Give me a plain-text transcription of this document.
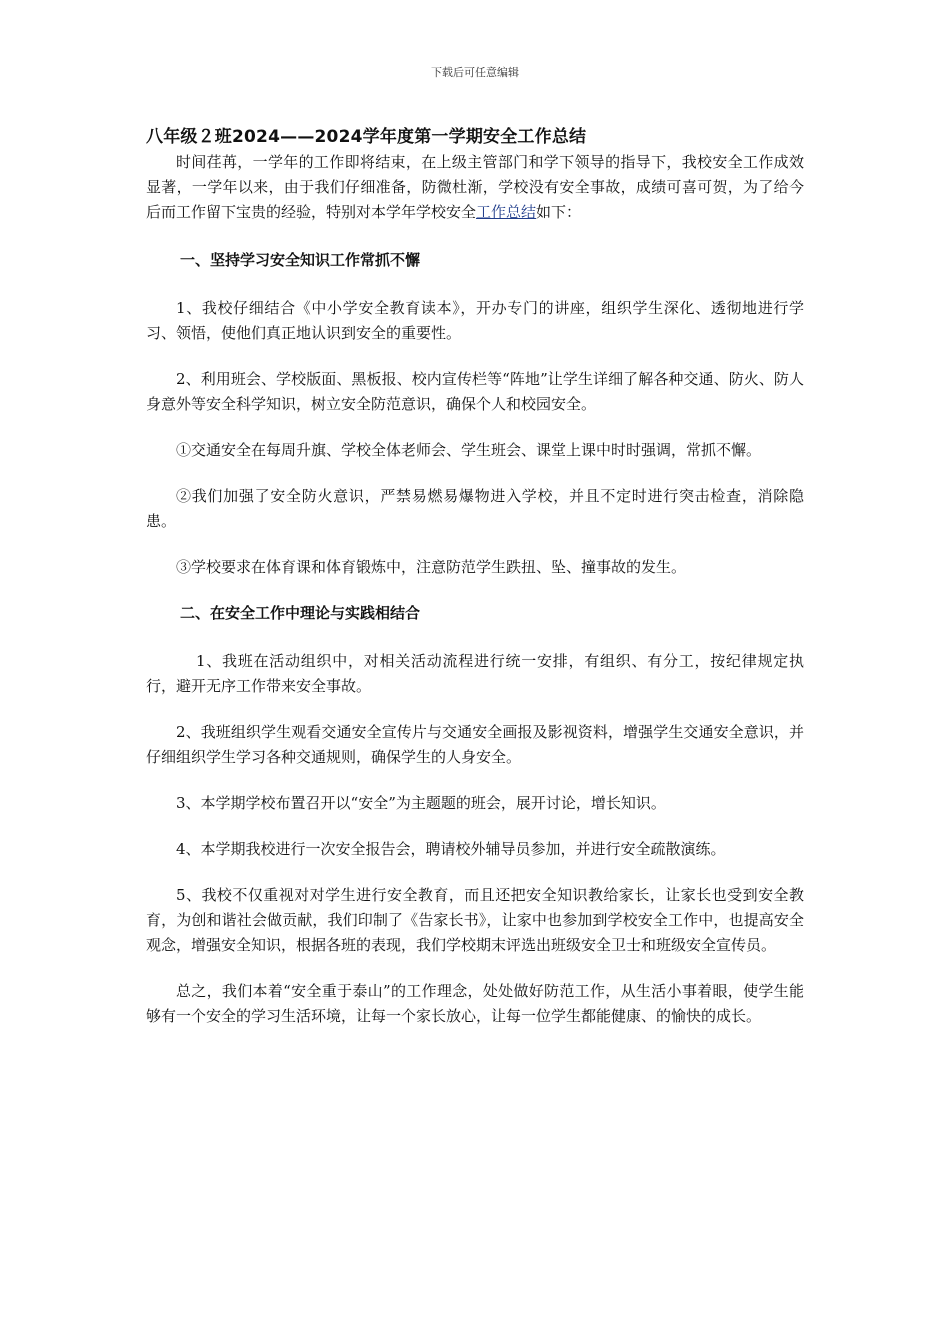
下载后可任意编辑
八年级２班2024——2024学年度第一学期安全工作总结

时间荏苒，一学年的工作即将结束，在上级主管部门和学下领导的指导下，我校安全工作成效显著，一学年以来，由于我们仔细准备，防微杜渐，学校没有安全事故，成绩可喜可贺，为了给今后而工作留下宝贵的经验，特别对本学年学校安全工作总结如下：

一、坚持学习安全知识工作常抓不懈

1、我校仔细结合《中小学安全教育读本》，开办专门的讲座，组织学生深化、透彻地进行学习、领悟，使他们真正地认识到安全的重要性。

2、利用班会、学校版面、黑板报、校内宣传栏等“阵地”让学生详细了解各种交通、防火、防人身意外等安全科学知识，树立安全防范意识，确保个人和校园安全。

①交通安全在每周升旗、学校全体老师会、学生班会、课堂上课中时时强调，常抓不懈。

②我们加强了安全防火意识，严禁易燃易爆物进入学校，并且不定时进行突击检查，消除隐患。

③学校要求在体育课和体育锻炼中，注意防范学生跌扭、坠、撞事故的发生。

二、在安全工作中理论与实践相结合

1、我班在活动组织中，对相关活动流程进行统一安排，有组织、有分工，按纪律规定执行，避开无序工作带来安全事故。

2、我班组织学生观看交通安全宣传片与交通安全画报及影视资料，增强学生交通安全意识，并仔细组织学生学习各种交通规则，确保学生的人身安全。

3、本学期学校布置召开以“安全”为主题题的班会，展开讨论，增长知识。

4、本学期我校进行一次安全报告会，聘请校外辅导员参加，并进行安全疏散演练。

5、我校不仅重视对对学生进行安全教育，而且还把安全知识教给家长，让家长也受到安全教育，为创和谐社会做贡献，我们印制了《告家长书》，让家中也参加到学校安全工作中，也提高安全观念，增强安全知识，根据各班的表现，我们学校期末评选出班级安全卫士和班级安全宣传员。

总之，我们本着“安全重于泰山”的工作理念，处处做好防范工作，从生活小事着眼，使学生能够有一个安全的学习生活环境，让每一个家长放心，让每一位学生都能健康、的愉快的成长。
